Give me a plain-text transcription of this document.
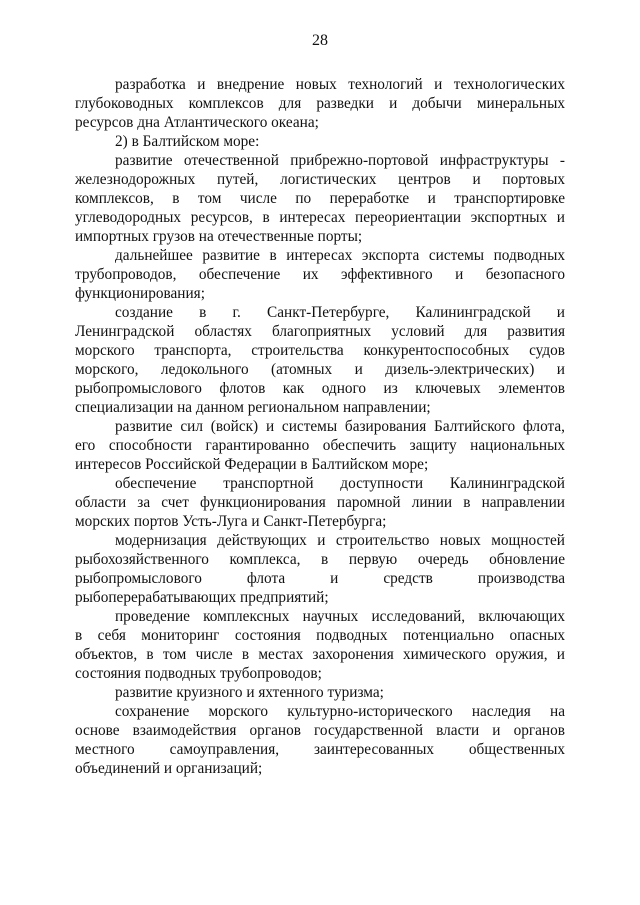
28
разработка и внедрение новых технологий и технологических
глубоководных комплексов для разведки и добычи минеральных
ресурсов дна Атлантического океана;
2) в Балтийском море:
развитие отечественной прибрежно-портовой инфраструктуры -
железнодорожных путей, логистических центров и портовых
комплексов, в том числе по переработке и транспортировке
углеводородных ресурсов, в интересах переориентации экспортных и
импортных грузов на отечественные порты;
дальнейшее развитие в интересах экспорта системы подводных
трубопроводов, обеспечение их эффективного и безопасного
функционирования;
создание в г. Санкт-Петербурге, Калининградской и
Ленинградской областях благоприятных условий для развития
морского транспорта, строительства конкурентоспособных судов
морского, ледокольного (атомных и дизель-электрических) и
рыбопромыслового флотов как одного из ключевых элементов
специализации на данном региональном направлении;
развитие сил (войск) и системы базирования Балтийского флота,
его способности гарантированно обеспечить защиту национальных
интересов Российской Федерации в Балтийском море;
обеспечение транспортной доступности Калининградской
области за счет функционирования паромной линии в направлении
морских портов Усть-Луга и Санкт-Петербурга;
модернизация действующих и строительство новых мощностей
рыбохозяйственного комплекса, в первую очередь обновление
рыбопромыслового флота и средств производства
рыбоперерабатывающих предприятий;
проведение комплексных научных исследований, включающих
в себя мониторинг состояния подводных потенциально опасных
объектов, в том числе в местах захоронения химического оружия, и
состояния подводных трубопроводов;
развитие круизного и яхтенного туризма;
сохранение морского культурно-исторического наследия на
основе взаимодействия органов государственной власти и органов
местного самоуправления, заинтересованных общественных
объединений и организаций;
